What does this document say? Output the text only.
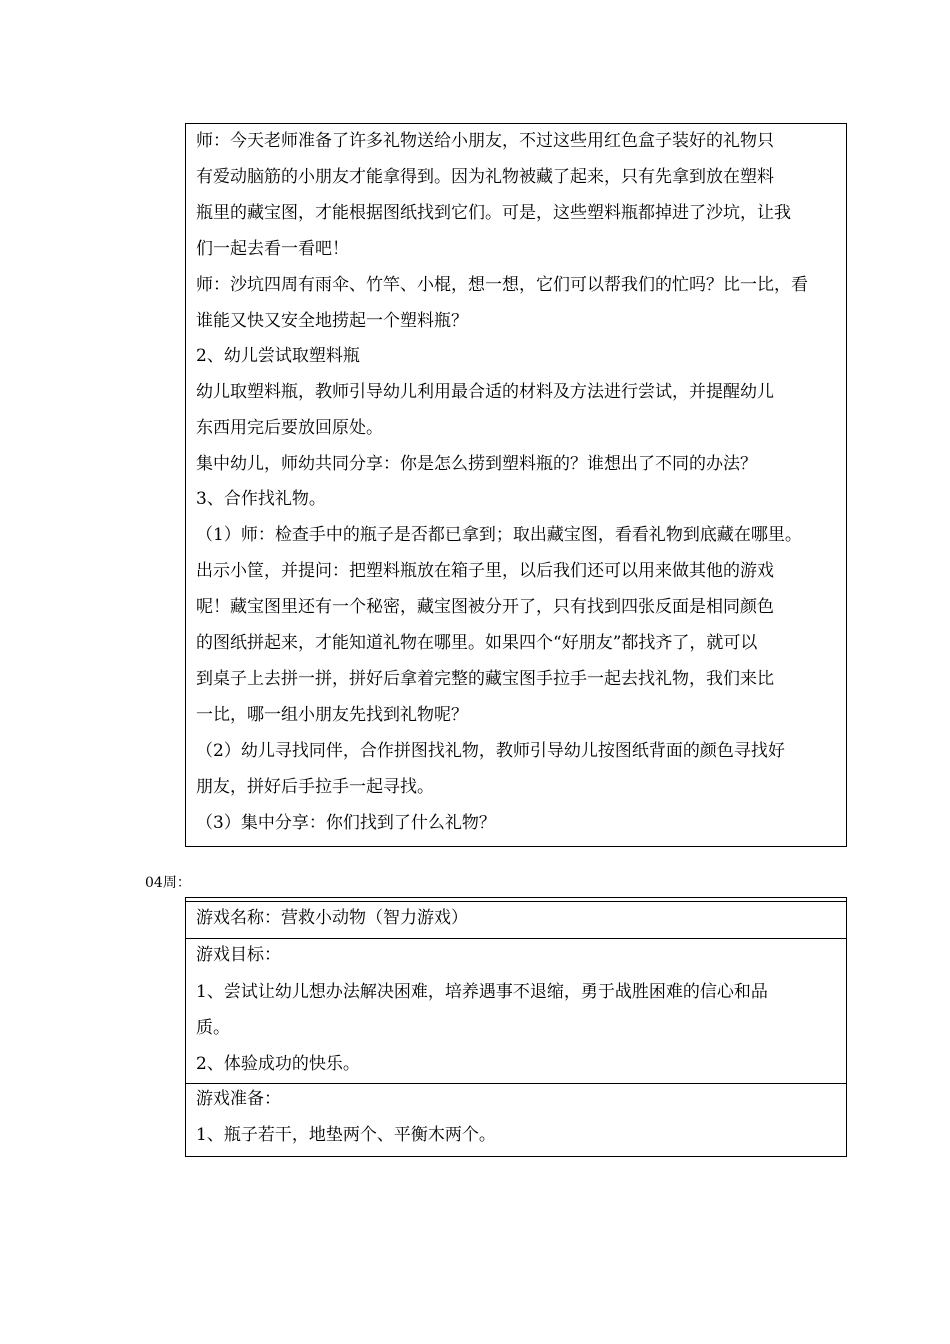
师：今天老师准备了许多礼物送给小朋友，不过这些用红色盒子装好的礼物只
有爱动脑筋的小朋友才能拿得到。因为礼物被藏了起来，只有先拿到放在塑料
瓶里的藏宝图，才能根据图纸找到它们。可是，这些塑料瓶都掉进了沙坑，让我
们一起去看一看吧！
师：沙坑四周有雨伞、竹竿、小棍，想一想，它们可以帮我们的忙吗？比一比，看
谁能又快又安全地捞起一个塑料瓶？
2、幼儿尝试取塑料瓶
幼儿取塑料瓶，教师引导幼儿利用最合适的材料及方法进行尝试，并提醒幼儿
东西用完后要放回原处。
集中幼儿，师幼共同分享：你是怎么捞到塑料瓶的？谁想出了不同的办法？
3、合作找礼物。
（1）师：检查手中的瓶子是否都已拿到；取出藏宝图，看看礼物到底藏在哪里。
出示小筐，并提问：把塑料瓶放在箱子里，以后我们还可以用来做其他的游戏
呢！藏宝图里还有一个秘密，藏宝图被分开了，只有找到四张反面是相同颜色
的图纸拼起来，才能知道礼物在哪里。如果四个“好朋友”都找齐了，就可以
到桌子上去拼一拼，拼好后拿着完整的藏宝图手拉手一起去找礼物，我们来比
一比，哪一组小朋友先找到礼物呢？
（2）幼儿寻找同伴，合作拼图找礼物，教师引导幼儿按图纸背面的颜色寻找好
朋友，拼好后手拉手一起寻找。
（3）集中分享：你们找到了什么礼物？
04周：
游戏名称：营救小动物（智力游戏）
游戏目标：
1、尝试让幼儿想办法解决困难，培养遇事不退缩，勇于战胜困难的信心和品
质。
2、体验成功的快乐。
游戏准备：
1、瓶子若干，地垫两个、平衡木两个。
